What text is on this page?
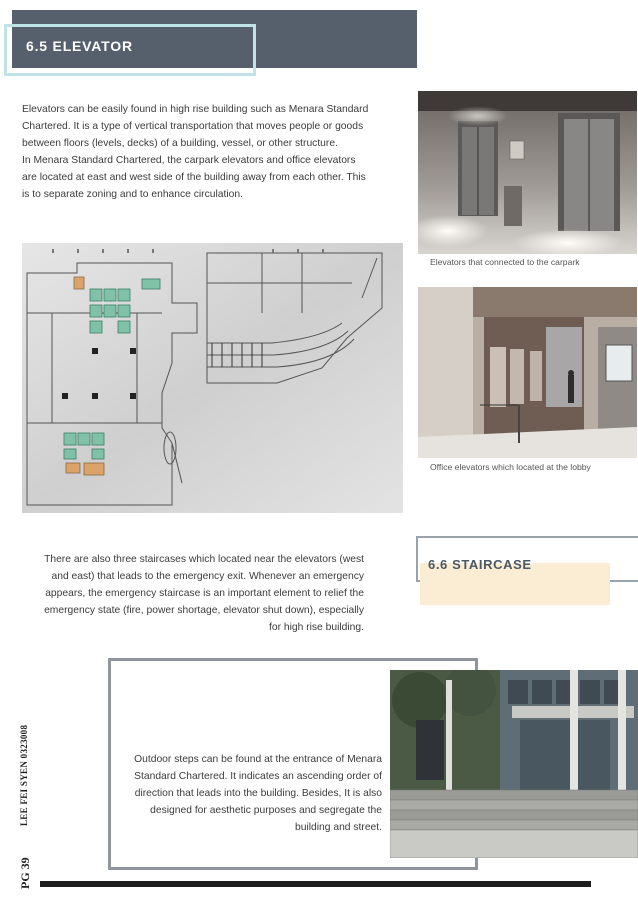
6.5 ELEVATOR
Elevators can be easily found in high rise building such as Menara Standard Chartered. It is a type of vertical transportation that moves people or goods between floors (levels, decks) of a building, vessel, or other structure.
In Menara Standard Chartered, the carpark elevators and office elevators are located at east and west side of the building away from each other. This is to separate zoning and to enhance circulation.
Elevators that connected to the carpark
Office elevators which located at the lobby
6.6 STAIRCASE
There are also three staircases which located near the elevators (west and east) that leads to the emergency exit. Whenever an emergency appears, the emergency staircase is an important element to relief the emergency state (fire, power shortage, elevator shut down), especially for high rise building.
Outdoor steps can be found at the entrance of Menara Standard Chartered. It indicates an ascending order of direction that leads into the building. Besides, It is also designed for aesthetic purposes and segregate the building and street.
LEE FEI SYEN 0323008
PG 39
